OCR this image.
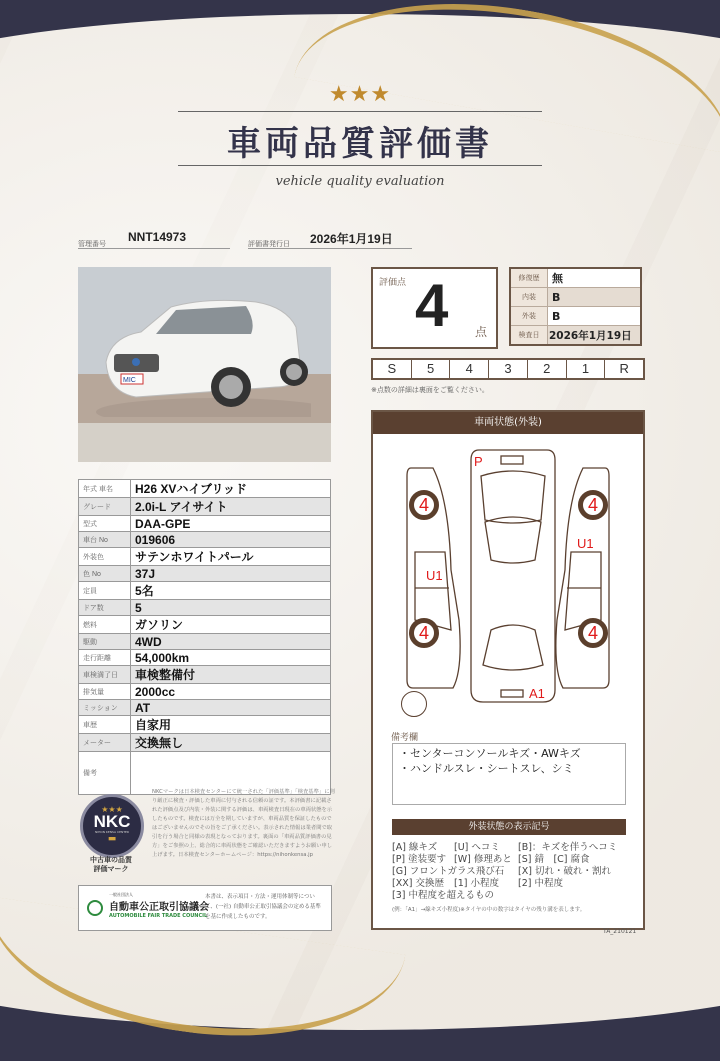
★★★
車両品質評価書
vehicle quality evaluation
管理番号 NNT14973	評価書発行日 2026年1月19日
MIC
評価点 4 点
修復歴	無
内装	B
外装	B
検査日	2026年1月19日
S	5	4	3	2	1	R
※点数の詳細は裏面をご覧ください。
年式 車名	H26 XVハイブリッド
グレード	2.0i-L アイサイト
型式	DAA-GPE
車台 No	019606
外装色	サテンホワイトパール
色 No	37J
定員	5名
ドア数	5
燃料	ガソリン
駆動	4WD
走行距離	54,000km
車検満了日	車検整備付
排気量	2000cc
ミッション	AT
車歴	自家用
メーター	交換無し
備考	
車両状態(外装)
P
U1
U1
A1
4	4
4	4
備考欄
・センターコンソールキズ・AWキズ
・ハンドルスレ・シートスレ、シミ
外装状態の表示記号
[A] 線キズ	[U] へコミ	[B]：キズを伴うへコミ
[P] 塗装要す [W] 修理あと [S] 錆　[C] 腐食
[G] フロントガラス飛び石	[X] 切れ・破れ・割れ
[XX] 交換歴 [1] 小程度	[2] 中程度
[3] 中程度を超えるもの
(例：「A1」→線キズ小程度)※タイヤの中の数字はタイヤの残り溝を表します。
★★★
NKC
NIHON KENSA CENTER
▬
中古車の品質
評価マーク
NKCマークは日本検査センターにて統一された「評価基準」「検査基準」に則り厳正に検査・評価した車両に付与される信頼の証です。本評価書に記載された評価点及び内装・外装に関する評価は、車両検査日現在の車両状態を示したものです。検査には万全を期していますが、車両品質を保証したものではございませんのでその旨をご了承ください。表示された情報は業者間で取引を行う場合と同様の表現となっております。裏面の「車両品質評価書の見方」をご参照の上、総合的に車両状態をご確認いただきますようお願い申し上げます。日本検査センターホームページ：https://nihonkensa.jp
一般社団法人
自動車公正取引協議会
AUTOMOBILE FAIR TRADE COUNCIL
本書は、表示項目・方法・運用体制等について、(一社) 自動車公正取引協議会の定める基準を基に作成したものです。
TA_210121
